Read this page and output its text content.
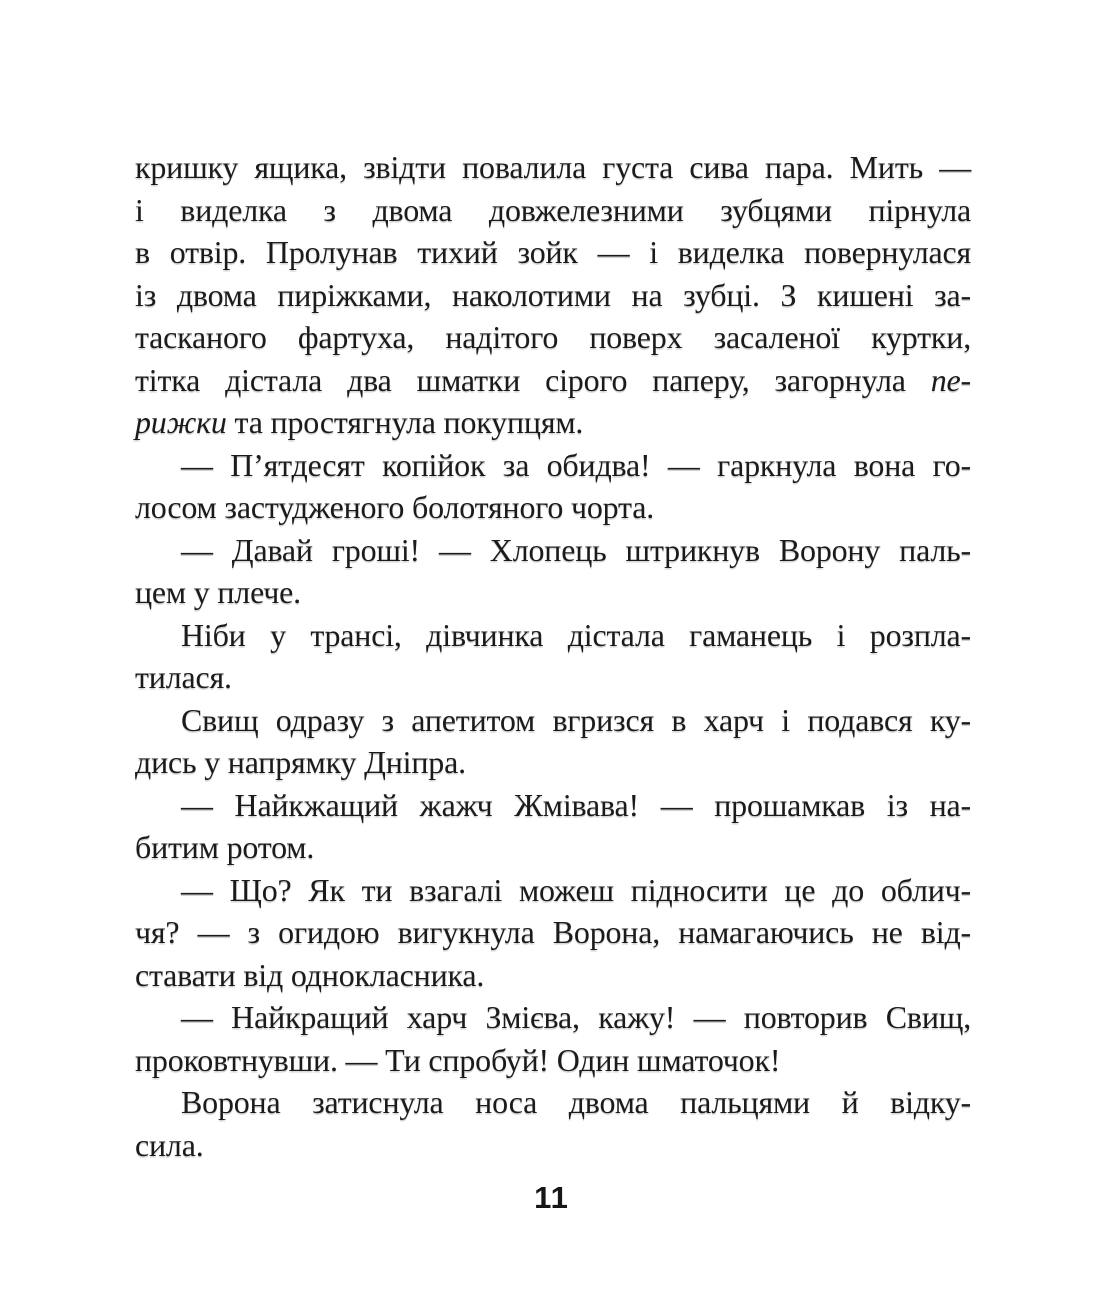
кришку ящика, звідти повалила густа сива пара. Мить —
і виделка з двома довжелезними зубцями пірнула
в отвір. Пролунав тихий зойк — і виделка повернулася
із двома пиріжками, наколотими на зубці. З кишені за-
тасканого фартуха, надітого поверх засаленої куртки,
тітка дістала два шматки сірого паперу, загорнула пе-
рижки та простягнула покупцям.
— П’ятдесят копійок за обидва! — гаркнула вона го-
лосом застудженого болотяного чорта.
— Давай гроші! — Хлопець штрикнув Ворону паль-
цем у плече.
Ніби у трансі, дівчинка дістала гаманець і розпла-
тилася.
Свищ одразу з апетитом вгризся в харч і подався ку-
дись у напрямку Дніпра.
— Найкжащий жажч Жмівава! — прошамкав із на-
битим ротом.
— Що? Як ти взагалі можеш підносити це до облич-
чя? — з огидою вигукнула Ворона, намагаючись не від-
ставати від однокласника.
— Найкращий харч Змієва, кажу! — повторив Свищ,
проковтнувши. — Ти спробуй! Один шматочок!
Ворона затиснула носа двома пальцями й відку-
сила.
11
